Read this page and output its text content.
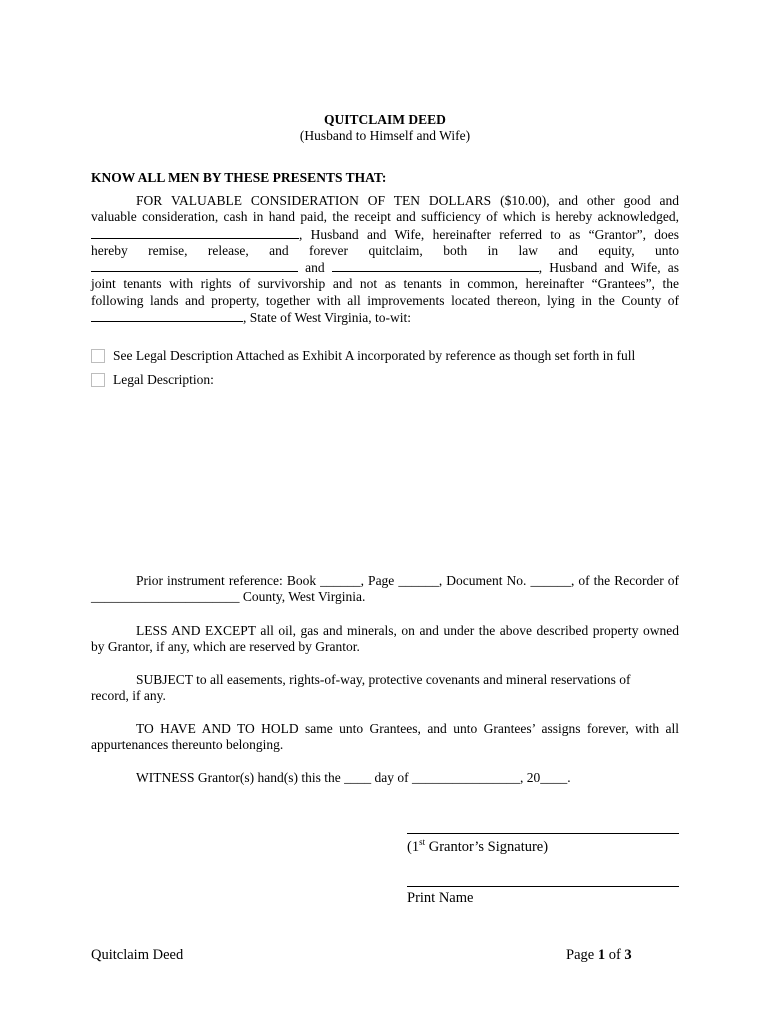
QUITCLAIM DEED
(Husband to Himself and Wife)
KNOW ALL MEN BY THESE PRESENTS THAT:

FOR VALUABLE CONSIDERATION OF TEN DOLLARS ($10.00), and other good and

valuable consideration, cash in hand paid, the receipt and sufficiency of which is hereby acknowledged,

, Husband and Wife, hereinafter referred to as “Grantor”, does

hereby remise, release, and forever quitclaim, both in law and equity, unto

and	, Husband and Wife, as

joint tenants with rights of survivorship and not as tenants in common, hereinafter “Grantees”, the

following lands and property, together with all improvements located thereon, lying in the County of

, State of West Virginia, to-wit:

See Legal Description Attached as Exhibit A incorporated by reference as though set forth in full
Legal Description:

Prior instrument reference: Book ______, Page ______, Document No. ______, of the Recorder of

______________________ County, West Virginia.

LESS AND EXCEPT all oil, gas and minerals, on and under the above described property owned

by Grantor, if any, which are reserved by Grantor.

SUBJECT to all easements, rights-of-way, protective covenants and mineral reservations of

record, if any.

TO HAVE AND TO HOLD same unto Grantees, and unto Grantees’ assigns forever, with all

appurtenances thereunto belonging.

WITNESS Grantor(s) hand(s) this the ____ day of ________________, 20____.

(1st Grantor’s Signature)
Print Name
Quitclaim Deed	Page 1 of 3
